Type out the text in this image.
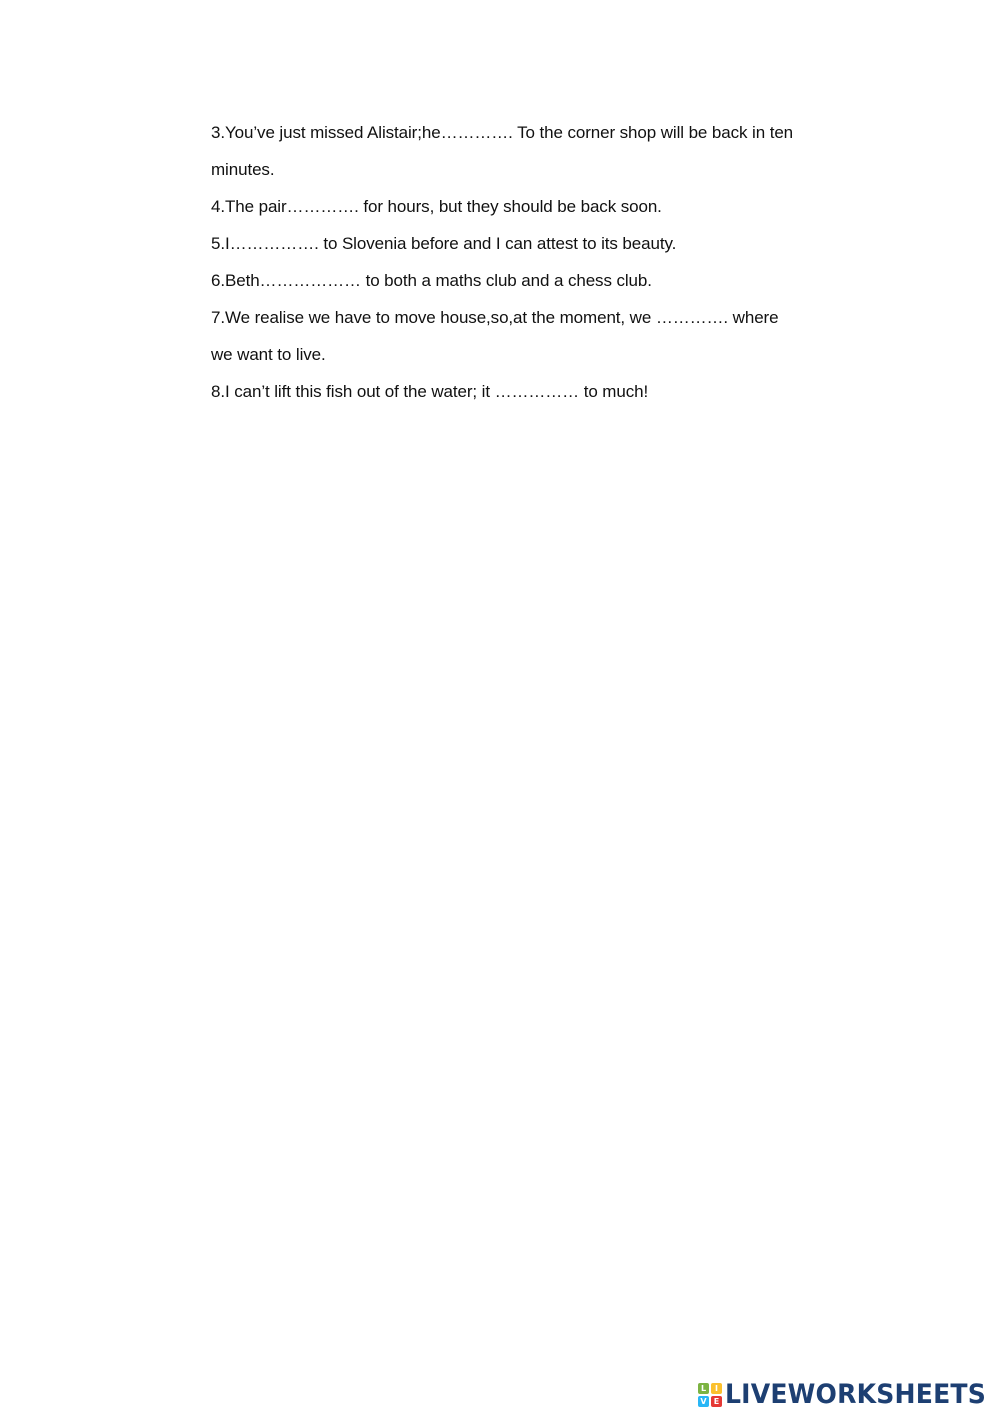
3.You’ve just missed Alistair;he…………. To the corner shop will be back in ten
minutes.
4.The pair…………. for hours, but they should be back soon.
5.I……………. to Slovenia before and I can attest to its beauty.
6.Beth……………… to both a maths club and a chess club.
7.We realise we have to move house,so,at the moment, we …………. where
we want to live.
8.I can’t lift this fish out of the water; it …………… to much!
L	I
V E LIVEWORKSHEETS
